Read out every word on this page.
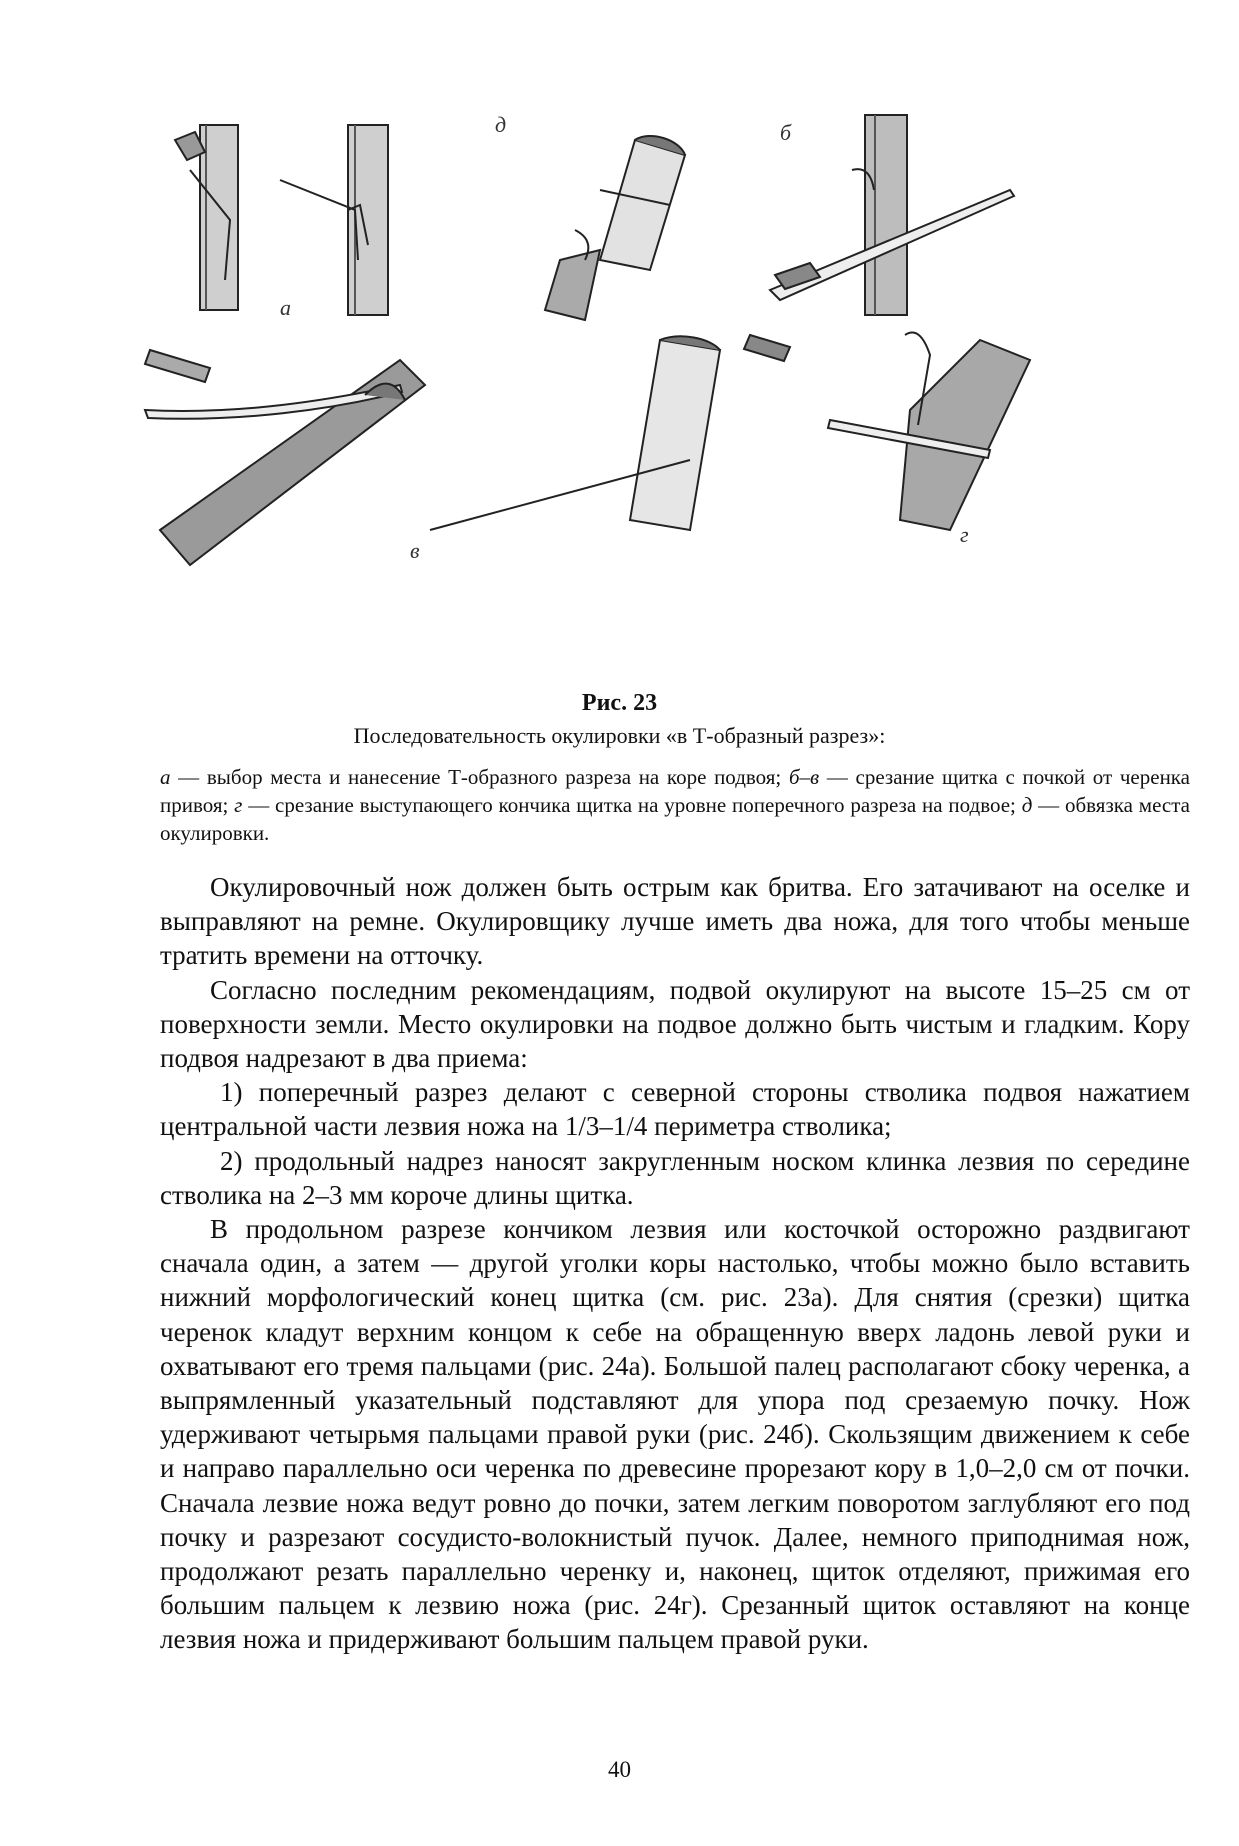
а
д	б
в
г
Рис. 23
Последовательность окулировки «в Т-образный разрез»:

а — выбор места и нанесение Т-образного разреза на коре подвоя; б–в — срезание щитка с почкой от черенка привоя; г — срезание выступающего кончика щитка на уровне поперечного разреза на подвое; д — обвязка места окулировки.

Окулировочный нож должен быть острым как бритва. Его затачивают на оселке и выправляют на ремне. Окулировщику лучше иметь два ножа, для того чтобы меньше тратить времени на отточку.

Согласно последним рекомендациям, подвой окулируют на высоте 15–25 см от поверхности земли. Место окулировки на подвое должно быть чистым и гладким. Кору подвоя надрезают в два приема:

1) поперечный разрез делают с северной стороны стволика подвоя нажатием центральной части лезвия ножа на 1/3–1/4 периметра стволика;

2) продольный надрез наносят закругленным носком клинка лезвия по середине стволика на 2–3 мм короче длины щитка.

В продольном разрезе кончиком лезвия или косточкой осторожно раздвигают сначала один, а затем — другой уголки коры настолько, чтобы можно было вставить нижний морфологический конец щитка (см. рис. 23а). Для снятия (срезки) щитка черенок кладут верхним концом к себе на обращенную вверх ладонь левой руки и охватывают его тремя пальцами (рис. 24а). Большой палец располагают сбоку черенка, а выпрямленный указательный подставляют для упора под срезаемую почку. Нож удерживают четырьмя пальцами правой руки (рис. 24б). Скользящим движением к себе и направо параллельно оси черенка по древесине прорезают кору в 1,0–2,0 см от почки. Сначала лезвие ножа ведут ровно до почки, затем легким поворотом заглубляют его под почку и разрезают сосудисто-волокнистый пучок. Далее, немного приподнимая нож, продолжают резать параллельно черенку и, наконец, щиток отделяют, прижимая его большим пальцем к лезвию ножа (рис. 24г). Срезанный щиток оставляют на конце лезвия ножа и придерживают большим пальцем правой руки.

40
